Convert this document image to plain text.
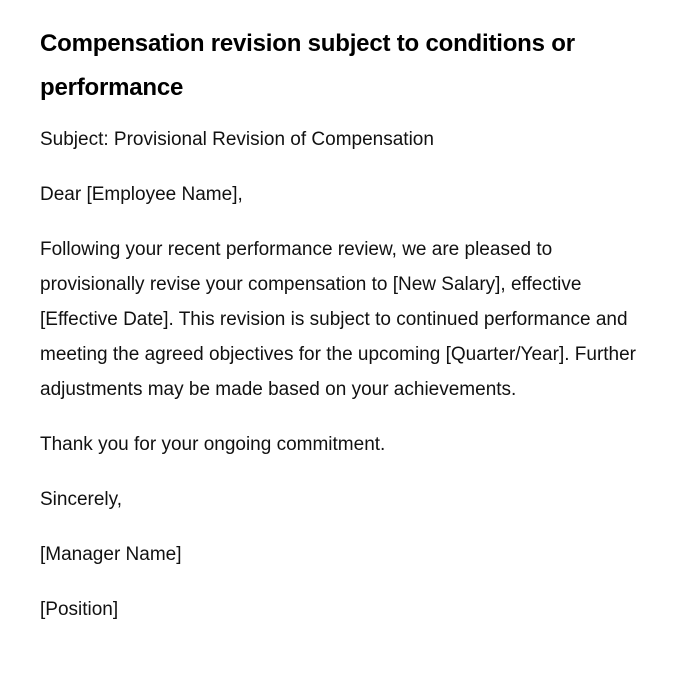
Compensation revision subject to conditions or performance

Subject: Provisional Revision of Compensation

Dear [Employee Name],

Following your recent performance review, we are pleased to provisionally revise your compensation to [New Salary], effective [Effective Date]. This revision is subject to continued performance and meeting the agreed objectives for the upcoming [Quarter/Year]. Further adjustments may be made based on your achievements.

Thank you for your ongoing commitment.

Sincerely,

[Manager Name]

[Position]
